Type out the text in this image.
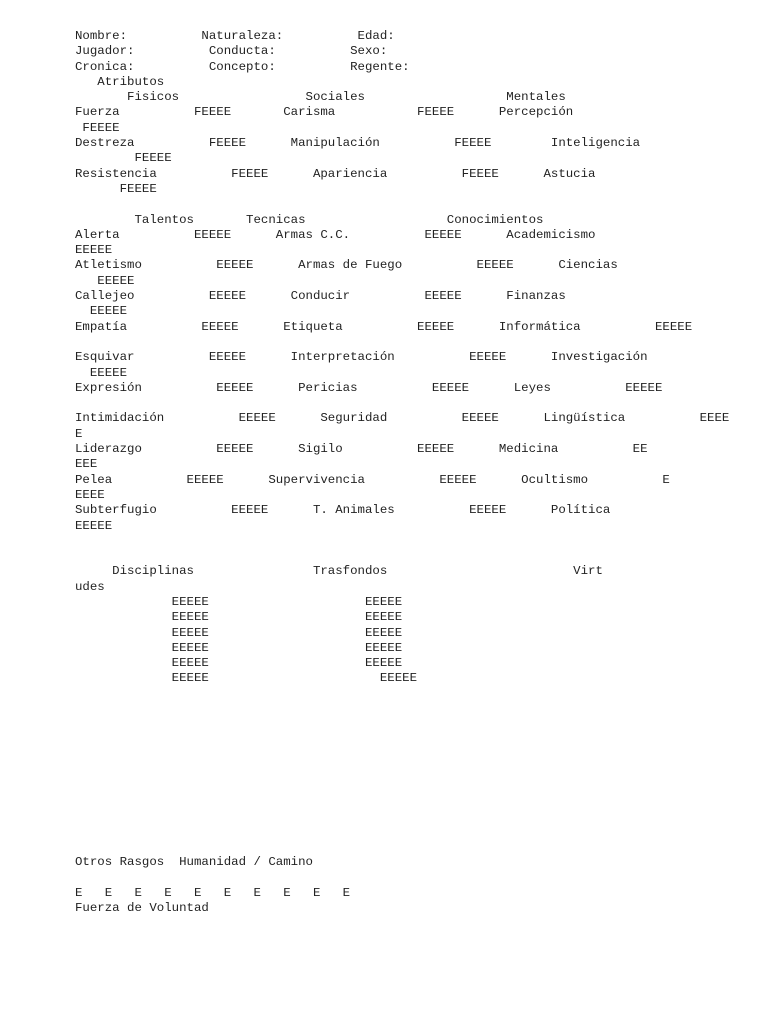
Nombre:          Naturaleza:          Edad:

Jugador:          Conducta:          Sexo:

Cronica:          Concepto:          Regente:

Atributos

Fisicos                 Sociales                   Mentales

Fuerza          FEEEE       Carisma           FEEEE      Percepción

FEEEE

Destreza          FEEEE      Manipulación          FEEEE        Inteligencia

FEEEE

Resistencia          FEEEE      Apariencia          FEEEE      Astucia

FEEEE

Talentos       Tecnicas                   Conocimientos

Alerta          EEEEE      Armas C.C.          EEEEE      Academicismo

EEEEE

Atletismo          EEEEE      Armas de Fuego          EEEEE      Ciencias

EEEEE

Callejeo          EEEEE      Conducir          EEEEE      Finanzas

EEEEE

Empatía          EEEEE      Etiqueta          EEEEE      Informática          EEEEE

Esquivar          EEEEE      Interpretación          EEEEE      Investigación

EEEEE

Expresión          EEEEE      Pericias          EEEEE      Leyes          EEEEE

Intimidación          EEEEE      Seguridad          EEEEE      Lingüística          EEEE

E

Liderazgo          EEEEE      Sigilo          EEEEE      Medicina          EE

EEE

Pelea          EEEEE      Supervivencia          EEEEE      Ocultismo          E

EEEE

Subterfugio          EEEEE      T. Animales          EEEEE      Política

EEEEE

Disciplinas                Trasfondos                         Virt

udes

EEEEE                     EEEEE

EEEEE                     EEEEE

EEEEE                     EEEEE

EEEEE                     EEEEE

EEEEE                     EEEEE

EEEEE                       EEEEE

Otros Rasgos  Humanidad / Camino

E   E   E   E   E   E   E   E   E   E

Fuerza de Voluntad
